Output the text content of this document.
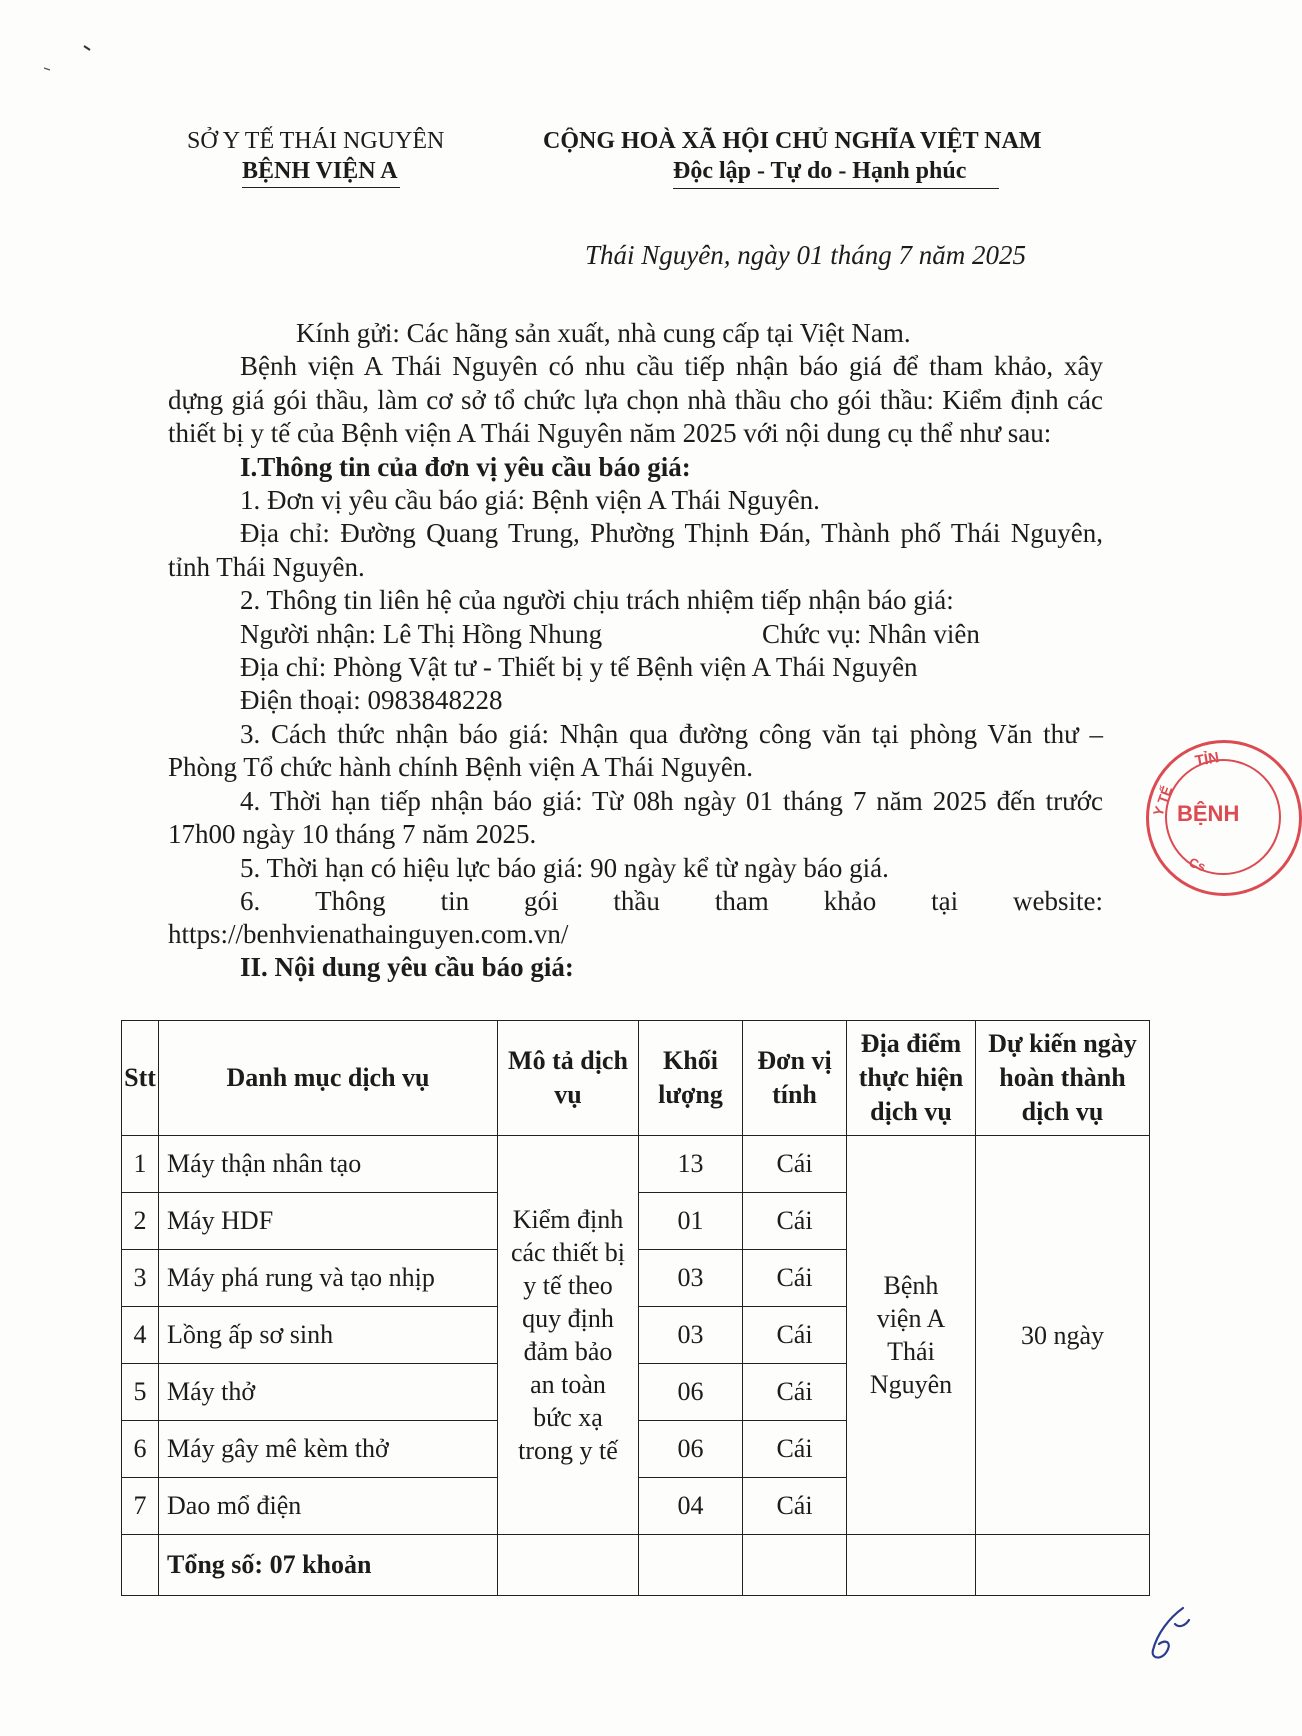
SỞ Y TẾ THÁI NGUYÊN
BỆNH VIỆN A
CỘNG HOÀ XÃ HỘI CHỦ NGHĨA VIỆT NAM
Độc lập - Tự do - Hạnh phúc
Thái Nguyên, ngày 01 tháng 7 năm 2025

Kính gửi: Các hãng sản xuất, nhà cung cấp tại Việt Nam.

Bệnh viện A Thái Nguyên có nhu cầu tiếp nhận báo giá để tham khảo, xây dựng giá gói thầu, làm cơ sở tổ chức lựa chọn nhà thầu cho gói thầu: Kiểm định các thiết bị y tế của Bệnh viện A Thái Nguyên năm 2025 với nội dung cụ thể như sau:

I.Thông tin của đơn vị yêu cầu báo giá:

1. Đơn vị yêu cầu báo giá: Bệnh viện A Thái Nguyên.

Địa chỉ: Đường Quang Trung, Phường Thịnh Đán, Thành phố Thái Nguyên, tỉnh Thái Nguyên.

2. Thông tin liên hệ của người chịu trách nhiệm tiếp nhận báo giá:

Người nhận: Lê Thị Hồng Nhung	Chức vụ: Nhân viên

Địa chỉ: Phòng Vật tư - Thiết bị y tế Bệnh viện A Thái Nguyên

Điện thoại: 0983848228

3. Cách thức nhận báo giá: Nhận qua đường công văn tại phòng Văn thư – Phòng Tổ chức hành chính Bệnh viện A Thái Nguyên.

4. Thời hạn tiếp nhận báo giá: Từ 08h ngày 01 tháng 7 năm 2025 đến trước 17h00 ngày 10 tháng 7 năm 2025.

5. Thời hạn có hiệu lực báo giá: 90 ngày kể từ ngày báo giá.

6. Thông tin gói thầu tham khảo tại website:

https://benhvienathainguyen.com.vn/

II. Nội dung yêu cầu báo giá:

Stt	Danh mục dịch vụ	Mô tả dịch vụ	Khối lượng	Đơn vị tính	Địa điểm thực hiện dịch vụ	Dự kiến ngày hoàn thành dịch vụ
1	Máy thận nhân tạo	Kiểm định các thiết bị y tế theo quy định đảm bảo an toàn bức xạ trong y tế	13	Cái	Bệnh viện A Thái Nguyên	30 ngày
2	Máy HDF		01	Cái		
3	Máy phá rung và tạo nhịp		03	Cái		
4	Lồng ấp sơ sinh		03	Cái		
5	Máy thở		06	Cái		
6	Máy gây mê kèm thở		06	Cái		
7	Dao mổ điện		04	Cái		
	Tổng số: 07 khoản					
TỈN
Y TẾ BỆNH
Cs
